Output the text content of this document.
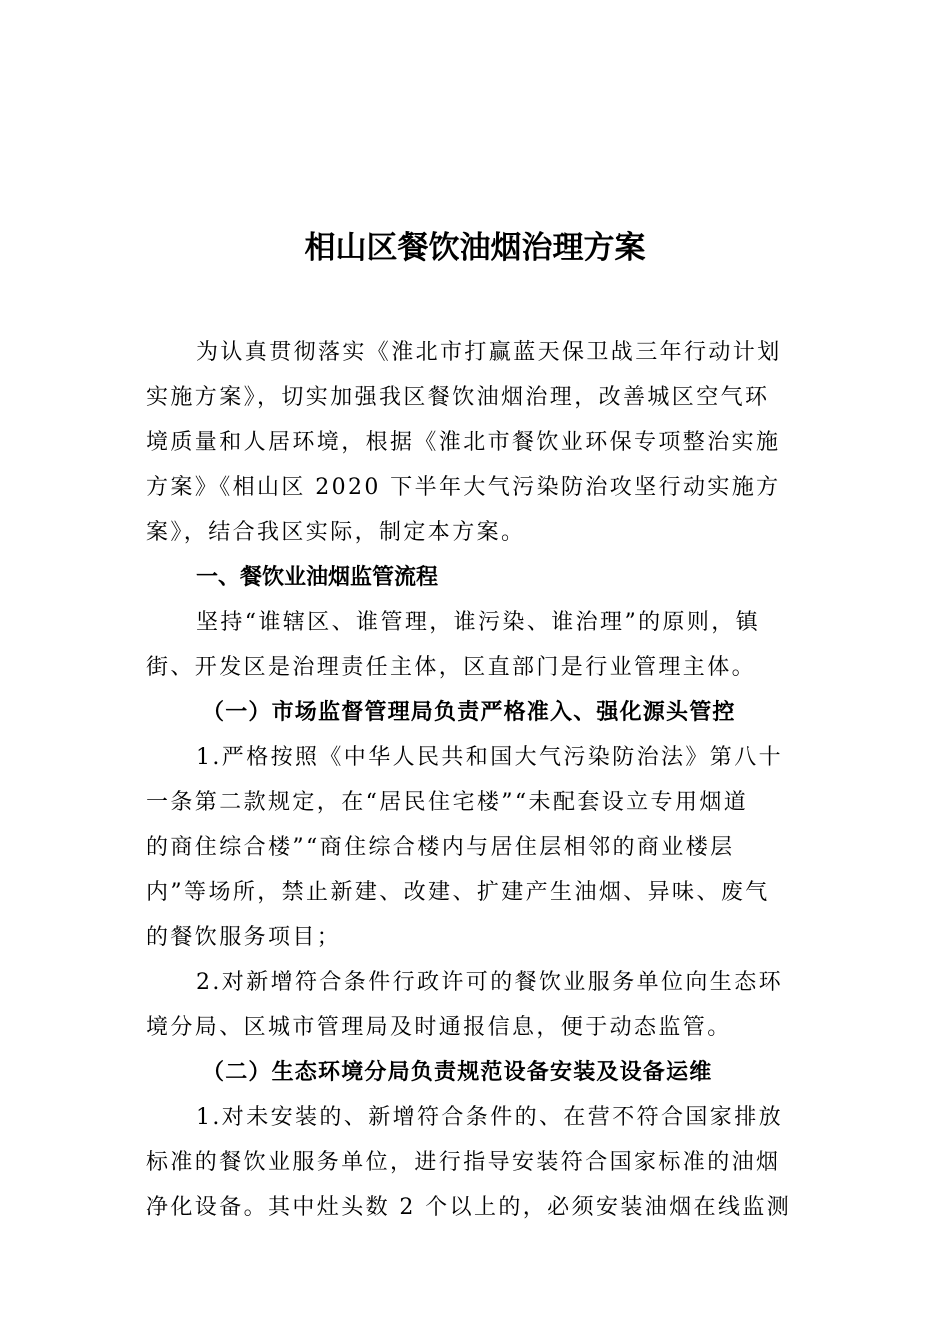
相山区餐饮油烟治理方案
为认真贯彻落实《淮北市打赢蓝天保卫战三年行动计划
实施方案》，切实加强我区餐饮油烟治理，改善城区空气环
境质量和人居环境，根据《淮北市餐饮业环保专项整治实施
方案》《相山区 2020 下半年大气污染防治攻坚行动实施方
案》，结合我区实际，制定本方案。
一、餐饮业油烟监管流程
坚持“谁辖区、谁管理，谁污染、谁治理”的原则，镇
街、开发区是治理责任主体，区直部门是行业管理主体。
（一）市场监督管理局负责严格准入、强化源头管控
1.严格按照《中华人民共和国大气污染防治法》第八十
一条第二款规定，在“居民住宅楼”“未配套设立专用烟道
的商住综合楼”“商住综合楼内与居住层相邻的商业楼层
内”等场所，禁止新建、改建、扩建产生油烟、异味、废气
的餐饮服务项目；
2.对新增符合条件行政许可的餐饮业服务单位向生态环
境分局、区城市管理局及时通报信息，便于动态监管。
（二）生态环境分局负责规范设备安装及设备运维
1.对未安装的、新增符合条件的、在营不符合国家排放
标准的餐饮业服务单位，进行指导安装符合国家标准的油烟
净化设备。其中灶头数 2 个以上的，必须安装油烟在线监测
